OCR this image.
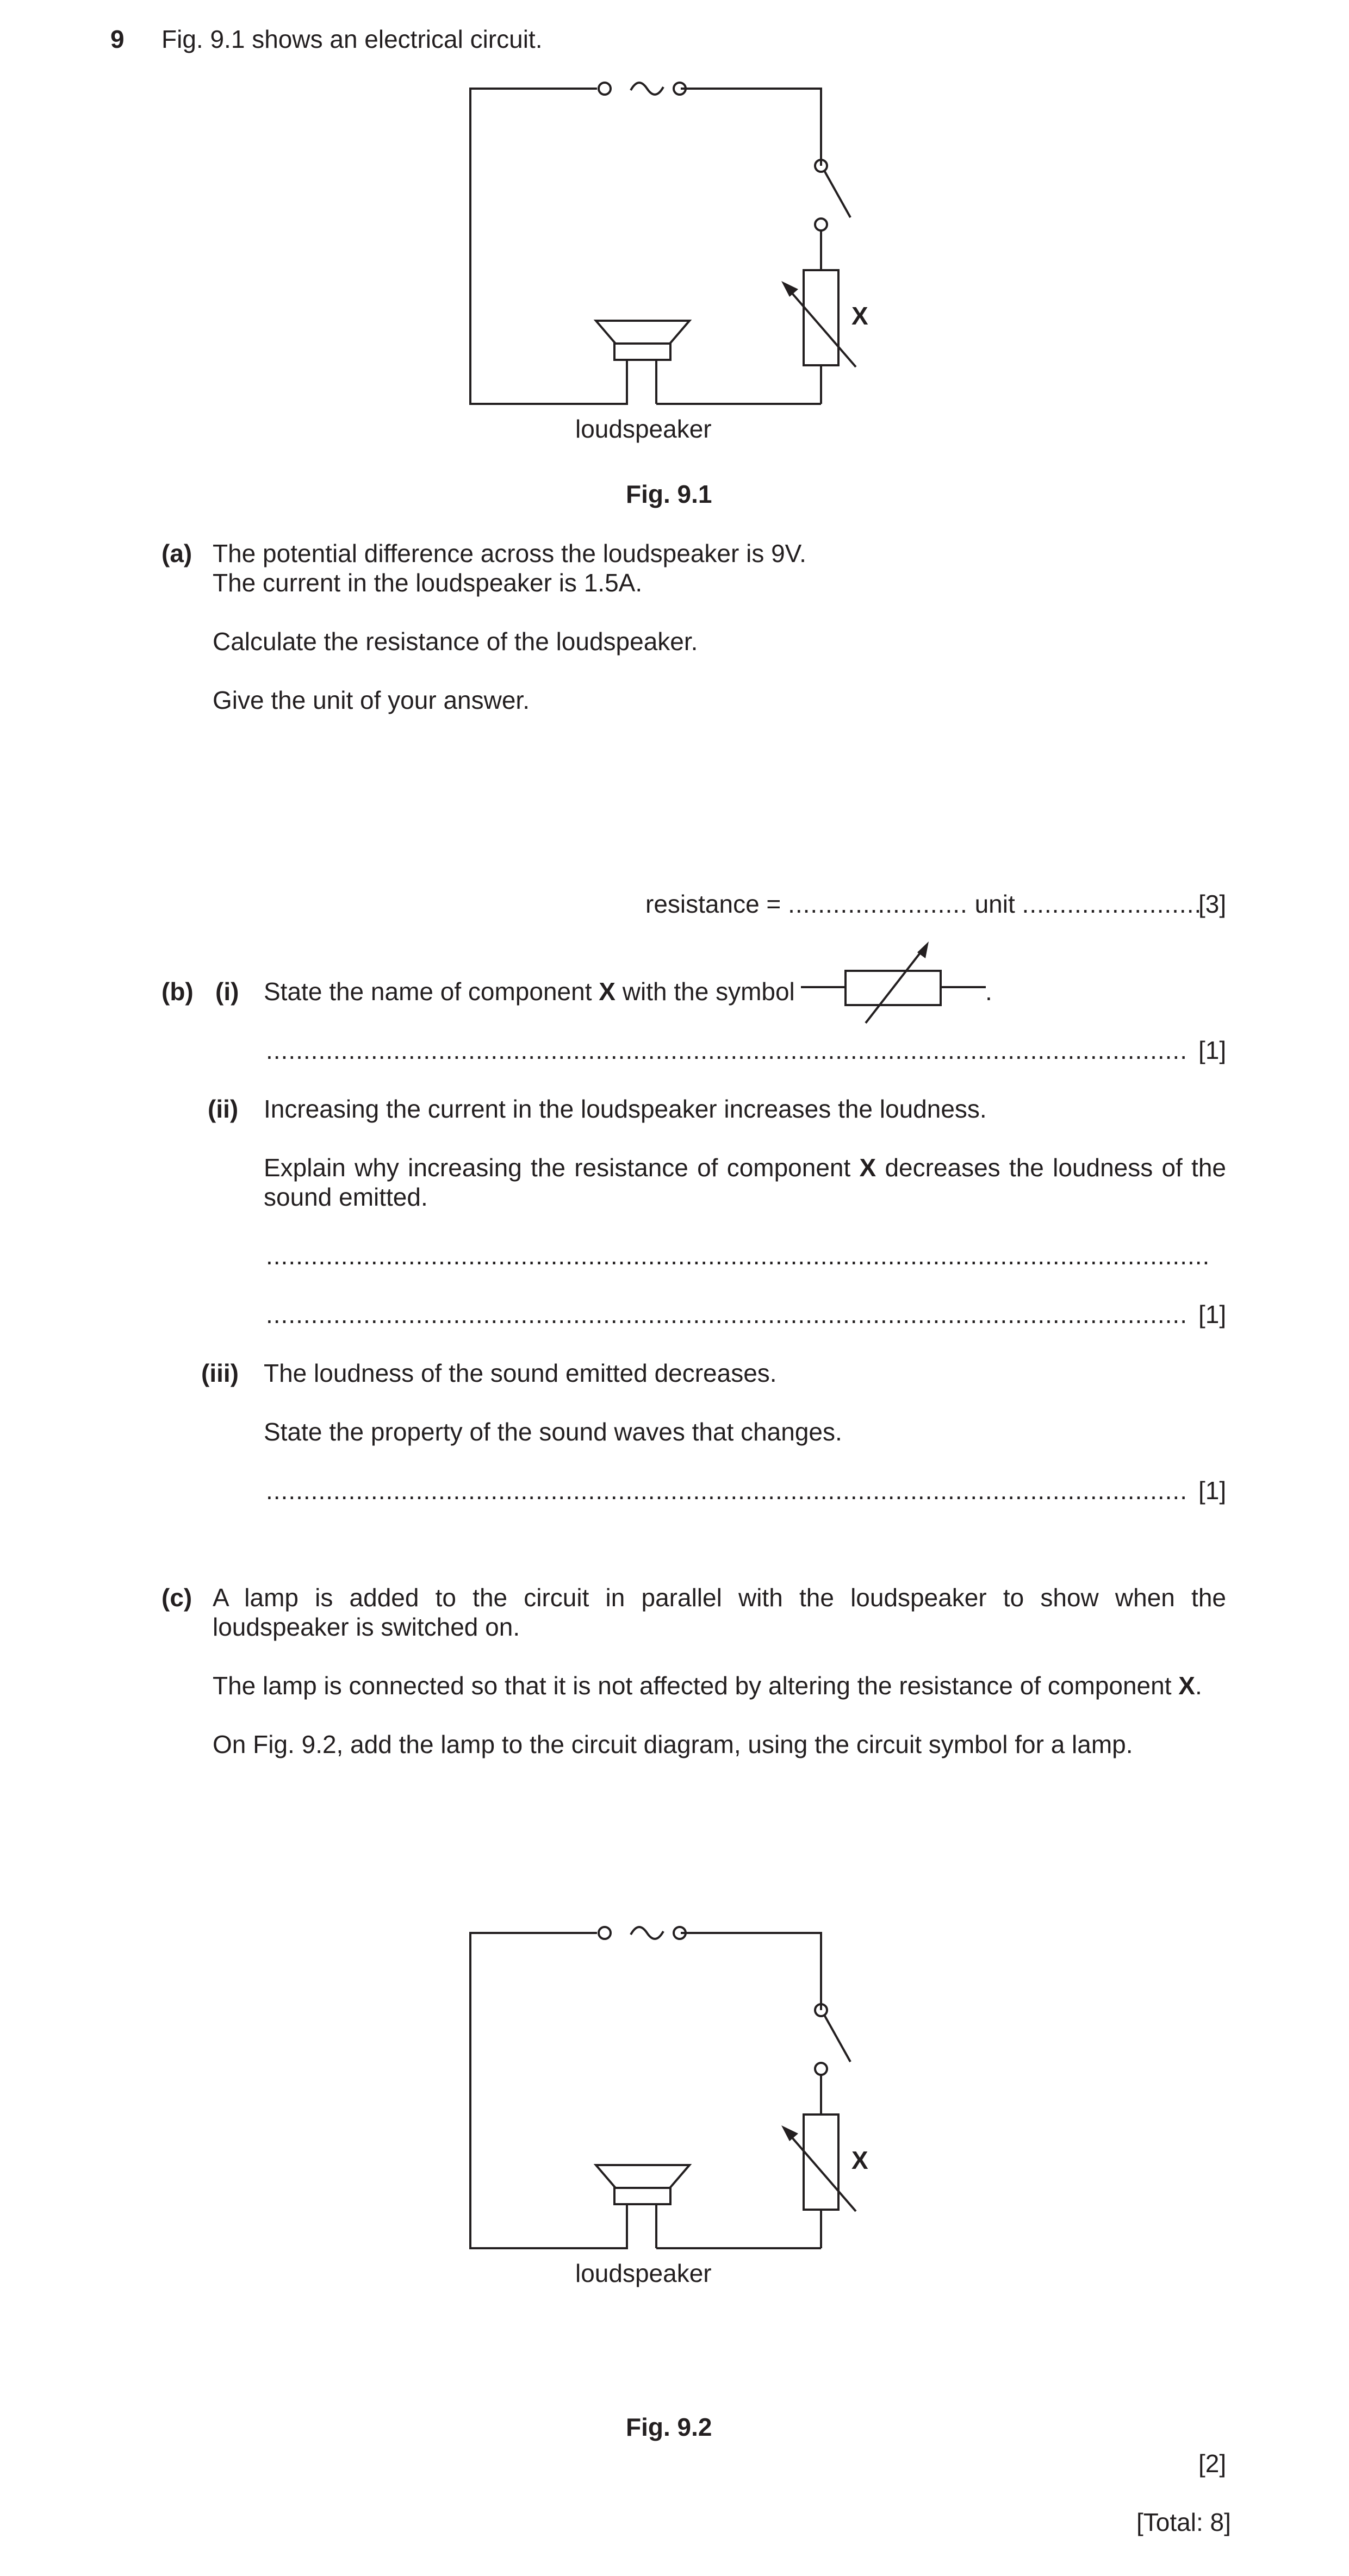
9 Fig. 9.1 shows an electrical circuit.
X
loudspeaker
Fig. 9.1
(a) The potential difference across the loudspeaker is 9V.
The current in the loudspeaker is 1.5A.
Calculate the resistance of the loudspeaker.
Give the unit of your answer.
resistance = ........................ unit ........................
[3]
(b) (i) State the name of component X with the symbol	.
........................................................................................................................... [1]
(ii) Increasing the current in the loudspeaker increases the loudness.
Explain why increasing the resistance of component X decreases the loudness of the sound emitted.
..............................................................................................................................
........................................................................................................................... [1]
(iii) The loudness of the sound emitted decreases.
State the property of the sound waves that changes.
........................................................................................................................... [1]
(c) A lamp is added to the circuit in parallel with the loudspeaker to show when the loudspeaker is switched on.
The lamp is connected so that it is not affected by altering the resistance of component X.
On Fig. 9.2, add the lamp to the circuit diagram, using the circuit symbol for a lamp.
X
loudspeaker
Fig. 9.2
[2]
[Total: 8]
